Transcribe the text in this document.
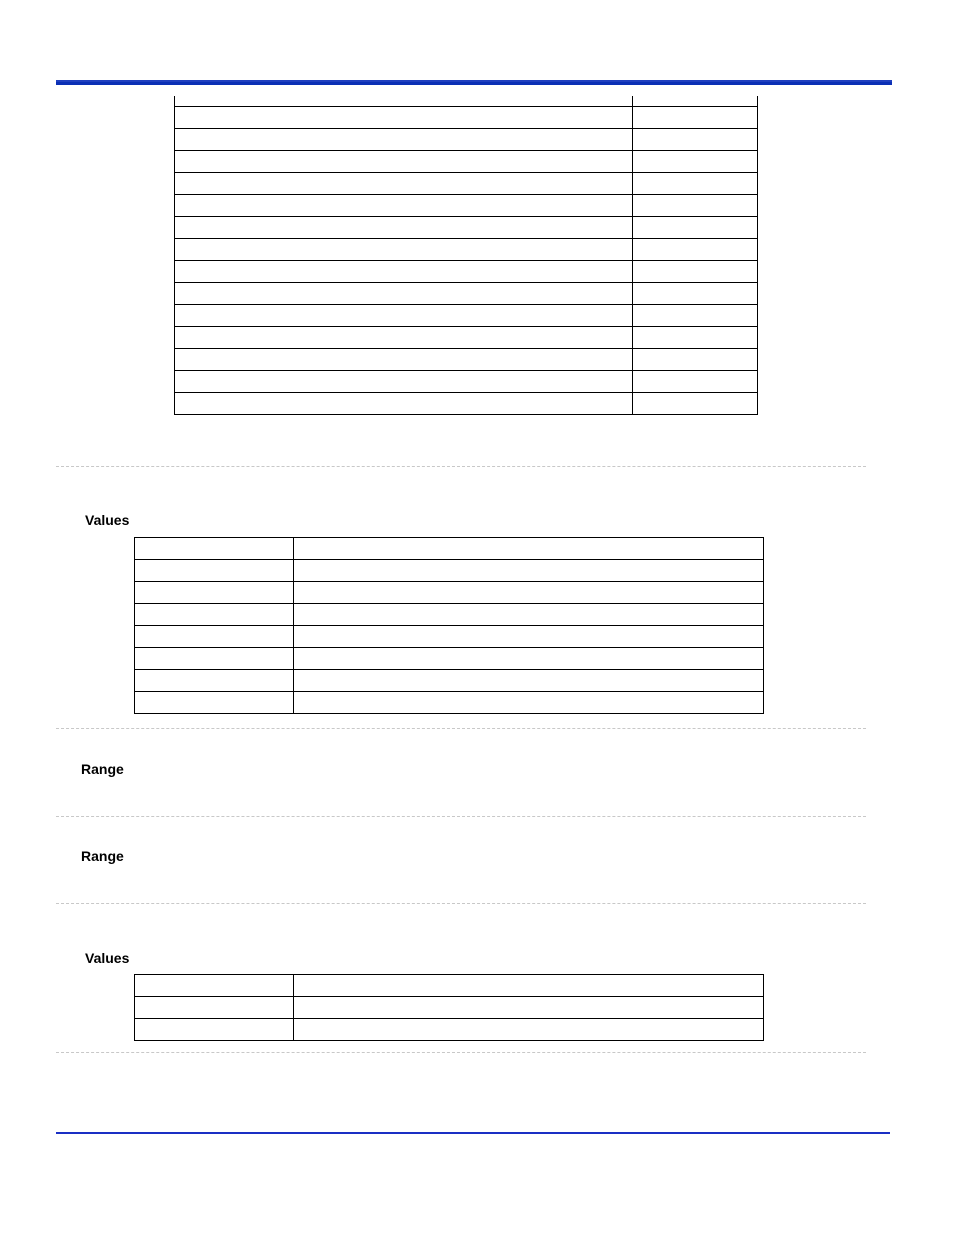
Values

Range
Range
Values
